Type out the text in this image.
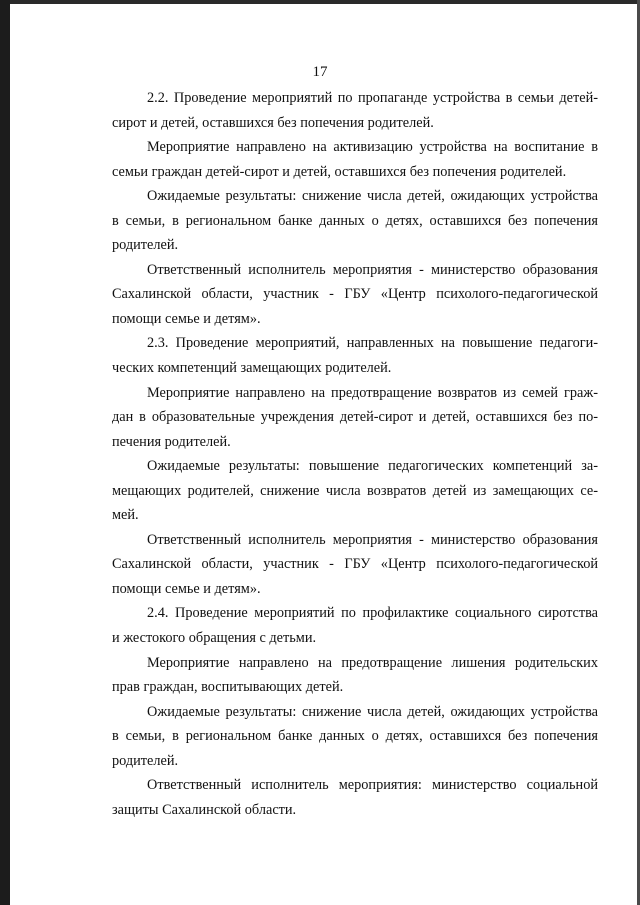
17

2.2. Проведение мероприятий по пропаганде устройства в семьи детей-
сирот и детей, оставшихся без попечения родителей.

Мероприятие направлено на активизацию устройства на воспитание в
семьи граждан детей-сирот и детей, оставшихся без попечения родителей.

Ожидаемые результаты: снижение числа детей, ожидающих устройства
в семьи, в региональном банке данных о детях, оставшихся без попечения
родителей.

Ответственный исполнитель мероприятия - министерство образования
Сахалинской области, участник - ГБУ «Центр психолого-педагогической
помощи семье и детям».

2.3. Проведение мероприятий, направленных на повышение педагоги-
ческих компетенций замещающих родителей.

Мероприятие направлено на предотвращение возвратов из семей граж-
дан в образовательные учреждения детей-сирот и детей, оставшихся без по-
печения родителей.

Ожидаемые результаты: повышение педагогических компетенций за-
мещающих родителей, снижение числа возвратов детей из замещающих се-
мей.

Ответственный исполнитель мероприятия - министерство образования
Сахалинской области, участник - ГБУ «Центр психолого-педагогической
помощи семье и детям».

2.4. Проведение мероприятий по профилактике социального сиротства
и жестокого обращения с детьми.

Мероприятие направлено на предотвращение лишения родительских
прав граждан, воспитывающих детей.

Ожидаемые результаты: снижение числа детей, ожидающих устройства
в семьи, в региональном банке данных о детях, оставшихся без попечения
родителей.

Ответственный исполнитель мероприятия: министерство социальной
защиты Сахалинской области.
